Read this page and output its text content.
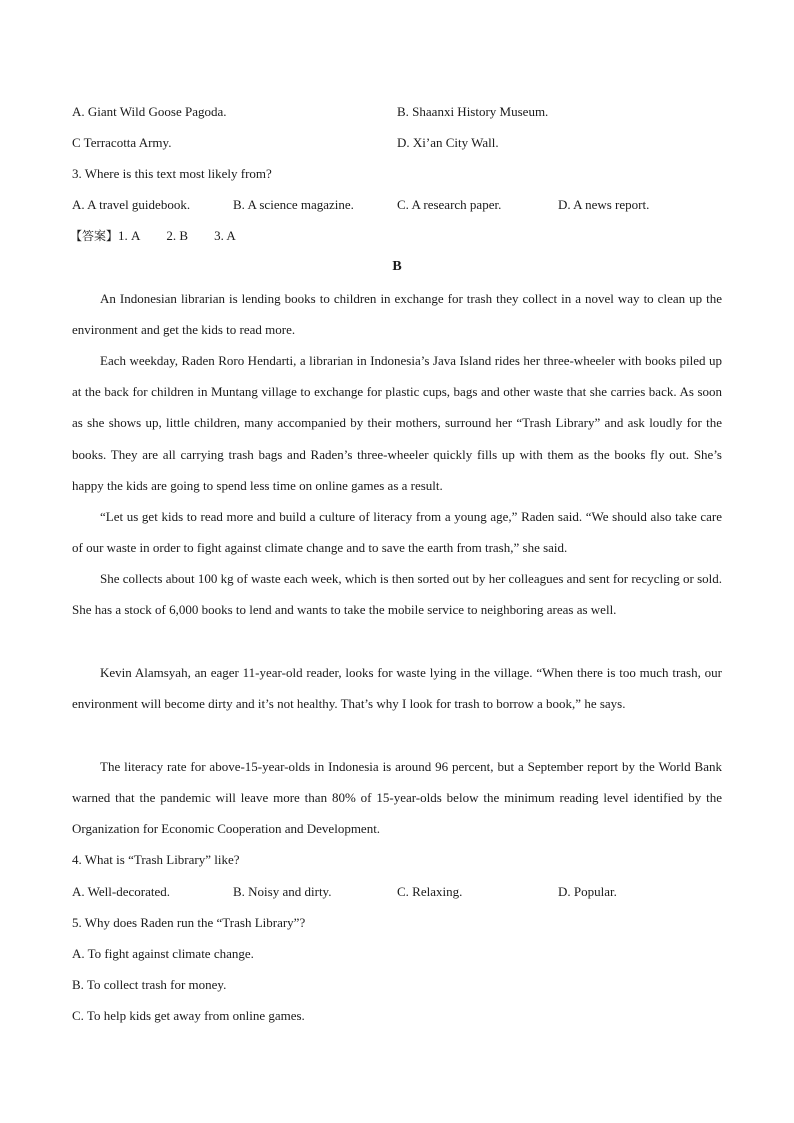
A. Giant Wild Goose Pagoda.	B. Shaanxi History Museum.
C Terracotta Army.	D. Xi’an City Wall.
3. Where is this text most likely from?
A. A travel guidebook.	B. A science magazine.	C. A research paper.	D. A news report.
【答案】1. A 2. B 3. A
B

An Indonesian librarian is lending books to children in exchange for trash they collect in a novel way to clean up the environment and get the kids to read more.

Each weekday, Raden Roro Hendarti, a librarian in Indonesia’s Java Island rides her three-wheeler with books piled up at the back for children in Muntang village to exchange for plastic cups, bags and other waste that she carries back. As soon as she shows up, little children, many accompanied by their mothers, surround her “Trash Library” and ask loudly for the books. They are all carrying trash bags and Raden’s three-wheeler quickly fills up with them as the books fly out. She’s happy the kids are going to spend less time on online games as a result.

“Let us get kids to read more and build a culture of literacy from a young age,” Raden said. “We should also take care of our waste in order to fight against climate change and to save the earth from trash,” she said.

She collects about 100 kg of waste each week, which is then sorted out by her colleagues and sent for recycling or sold. She has a stock of 6,000 books to lend and wants to take the mobile service to neighboring areas as well.

Kevin Alamsyah, an eager 11-year-old reader, looks for waste lying in the village. “When there is too much trash, our environment will become dirty and it’s not healthy. That’s why I look for trash to borrow a book,” he says.

The literacy rate for above-15-year-olds in Indonesia is around 96 percent, but a September report by the World Bank warned that the pandemic will leave more than 80% of 15-year-olds below the minimum reading level identified by the Organization for Economic Cooperation and Development.

4. What is “Trash Library” like?
A. Well-decorated.	B. Noisy and dirty.	C. Relaxing.	D. Popular.
5. Why does Raden run the “Trash Library”?
A. To fight against climate change.
B. To collect trash for money.
C. To help kids get away from online games.
